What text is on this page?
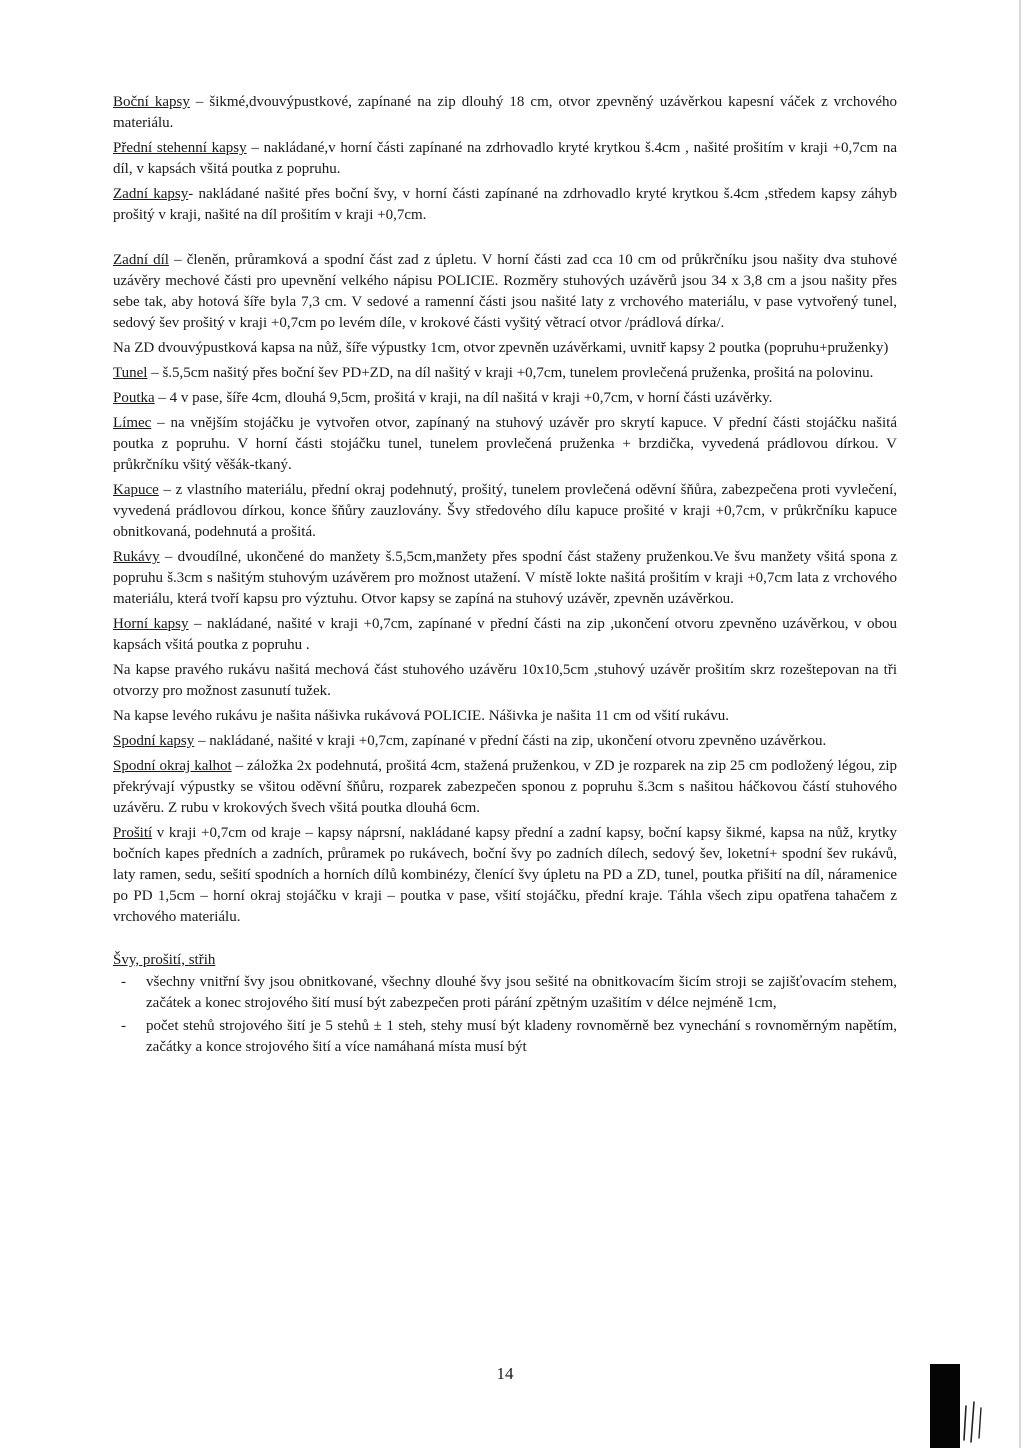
Boční kapsy – šikmé,dvouvýpustkové, zapínané na zip dlouhý 18 cm, otvor zpevněný uzávěrkou kapesní váček z vrchového materiálu.

Přední stehenní kapsy – nakládané,v horní části zapínané na zdrhovadlo kryté krytkou š.4cm , našité prošitím v kraji +0,7cm na díl, v kapsách všitá poutka z popruhu.

Zadní kapsy- nakládané našité přes boční švy, v horní části zapínané na zdrhovadlo kryté krytkou š.4cm ,středem kapsy záhyb prošitý v kraji, našité na díl prošitím v kraji +0,7cm.

Zadní díl – členěn, průramková a spodní část zad z úpletu. V horní části zad cca 10 cm od průkrčníku jsou našity dva stuhové uzávěry mechové části pro upevnění velkého nápisu POLICIE. Rozměry stuhových uzávěrů jsou 34 x 3,8 cm a jsou našity přes sebe tak, aby hotová šíře byla 7,3 cm. V sedové a ramenní části jsou našité laty z vrchového materiálu, v pase vytvořený tunel, sedový šev prošitý v kraji +0,7cm po levém díle, v krokové části vyšitý větrací otvor /prádlová dírka/.

Na ZD dvouvýpustková kapsa na nůž, šíře výpustky 1cm, otvor zpevněn uzávěrkami, uvnitř kapsy 2 poutka (popruhu+pruženky)

Tunel – š.5,5cm našitý přes boční šev PD+ZD, na díl našitý v kraji +0,7cm, tunelem provlečená pruženka, prošitá na polovinu.

Poutka – 4 v pase, šíře 4cm, dlouhá 9,5cm, prošitá v kraji, na díl našitá v kraji +0,7cm, v horní části uzávěrky.

Límec – na vnějším stojáčku je vytvořen otvor, zapínaný na stuhový uzávěr pro skrytí kapuce. V přední části stojáčku našitá poutka z popruhu. V horní části stojáčku tunel, tunelem provlečená pruženka + brzdička, vyvedená prádlovou dírkou. V průkrčníku všitý věšák-tkaný.

Kapuce – z vlastního materiálu, přední okraj podehnutý, prošitý, tunelem provlečená oděvní šňůra, zabezpečena proti vyvlečení, vyvedená prádlovou dírkou, konce šňůry zauzlovány. Švy středového dílu kapuce prošité v kraji +0,7cm, v průkrčníku kapuce obnitkovaná, podehnutá a prošitá.

Rukávy – dvoudílné, ukončené do manžety š.5,5cm,manžety přes spodní část staženy pruženkou.Ve švu manžety všitá spona z popruhu š.3cm s našitým stuhovým uzávěrem pro možnost utažení. V místě lokte našitá prošitím v kraji +0,7cm lata z vrchového materiálu, která tvoří kapsu pro výztuhu. Otvor kapsy se zapíná na stuhový uzávěr, zpevněn uzávěrkou.

Horní kapsy – nakládané, našité v kraji +0,7cm, zapínané v přední části na zip ,ukončení otvoru zpevněno uzávěrkou, v obou kapsách všitá poutka z popruhu .

Na kapse pravého rukávu našitá mechová část stuhového uzávěru 10x10,5cm ,stuhový uzávěr prošitím skrz rozeštepovan na tři otvorzy pro možnost zasunutí tužek.

Na kapse levého rukávu je našita nášivka rukávová POLICIE. Nášivka je našita 11 cm od všití rukávu.

Spodní kapsy – nakládané, našité v kraji +0,7cm, zapínané v přední části na zip, ukončení otvoru zpevněno uzávěrkou.

Spodní okraj kalhot – záložka 2x podehnutá, prošitá 4cm, stažená pruženkou, v ZD je rozparek na zip 25 cm podložený légou, zip překrývají výpustky se všitou oděvní šňůru, rozparek zabezpečen sponou z popruhu š.3cm s našitou háčkovou částí stuhového uzávěru. Z rubu v krokových švech všitá poutka dlouhá 6cm.

Prošití v kraji +0,7cm od kraje – kapsy náprsní, nakládané kapsy přední a zadní kapsy, boční kapsy šikmé, kapsa na nůž, krytky bočních kapes předních a zadních, průramek po rukávech, boční švy po zadních dílech, sedový šev, loketní+ spodní šev rukávů, laty ramen, sedu, sešití spodních a horních dílů kombinézy, členící švy úpletu na PD a ZD, tunel, poutka přišití na díl, náramenice po PD 1,5cm – horní okraj stojáčku v kraji – poutka v pase, všití stojáčku, přední kraje. Táhla všech zipu opatřena tahačem z vrchového materiálu.

Švy, prošití, střih

- všechny vnitřní švy jsou obnitkované, všechny dlouhé švy jsou sešité na obnitkovacím šicím stroji se zajišťovacím stehem, začátek a konec strojového šití musí být zabezpečen proti párání zpětným uzašitím v délce nejméně 1cm,
- počet stehů strojového šití je 5 stehů ± 1 steh, stehy musí být kladeny rovnoměrně bez vynechání s rovnoměrným napětím, začátky a konce strojového šití a více namáhaná místa musí být
14
